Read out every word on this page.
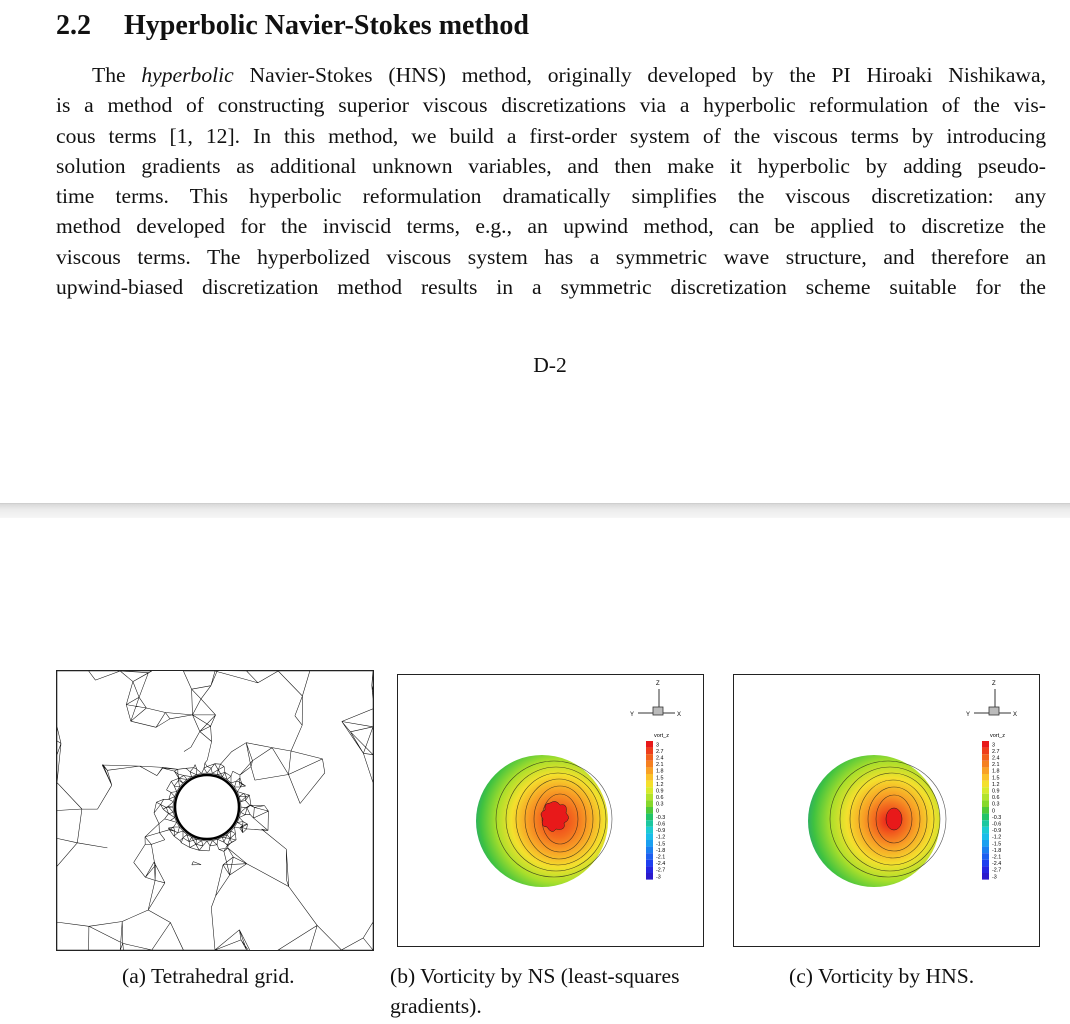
2.2 Hyperbolic Navier-Stokes method
The hyperbolic Navier-Stokes (HNS) method, originally developed by the PI Hiroaki Nishikawa,
is a method of constructing superior viscous discretizations via a hyperbolic reformulation of the vis-
cous terms [1, 12]. In this method, we build a first-order system of the viscous terms by introducing
solution gradients as additional unknown variables, and then make it hyperbolic by adding pseudo-
time terms. This hyperbolic reformulation dramatically simplifies the viscous discretization: any
method developed for the inviscid terms, e.g., an upwind method, can be applied to discretize the
viscous terms. The hyperbolized viscous system has a symmetric wave structure, and therefore an
upwind-biased discretization method results in a symmetric discretization scheme suitable for the
D-2
Z
Y	X
vort_z
3
2.7
2.4
2.1
1.8
1.5
1.2
0.9
0.6
0.3
0
-0.3
-0.6
-0.9
-1.2
-1.5
-1.8
-2.1
-2.4
-2.7
-3
Z
Y	X
vort_z
3
2.7
2.4
2.1
1.8
1.5
1.2
0.9
0.6
0.3
0
-0.3
-0.6
-0.9
-1.2
-1.5
-1.8
-2.1
-2.4
-2.7
-3
(a) Tetrahedral grid.	(b) Vorticity by NS (least-squares
gradients).
(c) Vorticity by HNS.
